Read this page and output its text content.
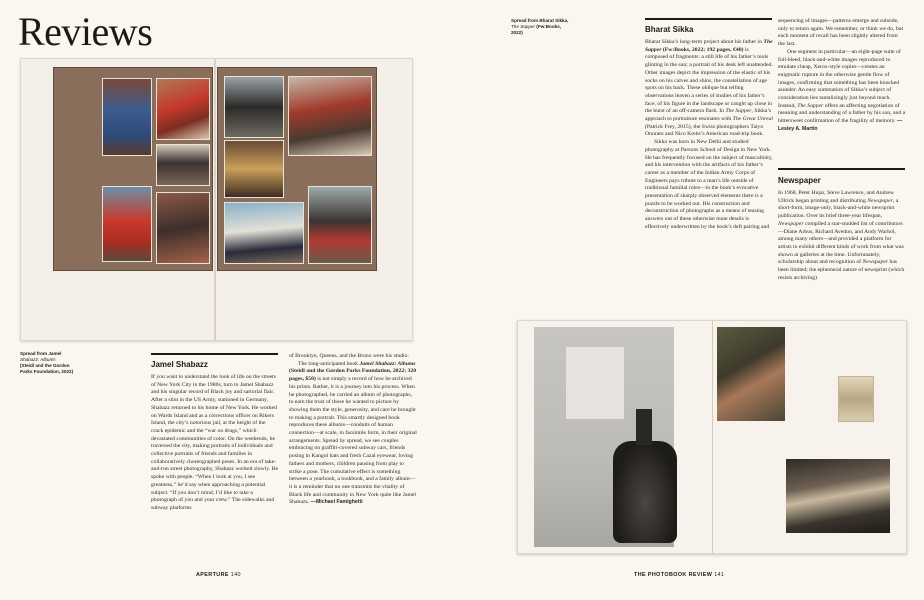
Reviews
Spread from Jamel
Shabazz: Albums
(Steidl and the Gordon
Parks Foundation, 2022)
Jamel Shabazz

If you want to understand the look of life on the streets of New York City in the 1980s, turn to Jamel Shabazz and his singular record of Black joy and sartorial flair. After a stint in the US Army, stationed in Germany, Shabazz returned to his home of New York. He worked on Wards Island and as a corrections officer on Rikers Island, the city’s notorious jail, at the height of the crack epidemic and the “war on drugs,” which devastated communities of color. On the weekends, he traversed the city, making portraits of individuals and collective portraits of friends and families in collaboratively choreographed poses. In an era of take-and-run street photography, Shabazz worked slowly. He spoke with people. “When I look at you, I see greatness,” he’d say when approaching a potential subject. “If you don’t mind, I’d like to take a photograph of you and your crew.” The sidewalks and subway platforms

of Brooklyn, Queens, and the Bronx were his studio.

The long-anticipated book Jamel Shabazz: Albums (Steidl and the Gordon Parks Foundation, 2022; 320 pages, $50) is not simply a record of how he archived his prints. Rather, it is a journey into his process. When he photographed, he carried an album of photographs, to earn the trust of those he wanted to picture by showing them the style, generosity, and care he brought to making a portrait. This smartly designed book reproduces these albums—conduits of human connection—at scale, in facsimile form, in their original arrangements. Spread by spread, we see couples embracing on graffiti-covered subway cars, friends posing in Kangol hats and fresh Cazal eyewear, loving fathers and mothers, children pausing from play to strike a pose. The cumulative effect is something between a yearbook, a lookbook, and a family album—it is a reminder that no one transmits the vitality of Black life and community in New York quite like Jamel Shabazz. —Michael Famighetti

Spread from Bharat Sikka,
The Sapper (Fw:Books,
2022)	Bharat Sikka

Bharat Sikka’s long-term project about his father in The Sapper (Fw:Books, 2022; 192 pages, €40) is composed of fragments: a still life of his father’s tools glinting in the sun; a portrait of his desk left unattended. Other images depict the impression of the elastic of his socks on his calves and shins, the constellation of age spots on his back. These oblique but telling observations leaven a series of studies of his father’s face, of his figure in the landscape or caught up close in the burst of an off-camera flash. In The Sapper, Sikka’s approach to portraiture resonates with The Great Unreal (Patrick Frey, 2015), the Swiss photographers Taiyo Onorato and Nico Krebs’s American road-trip book.

Sikka was born in New Delhi and studied photography at Parsons School of Design in New York. He has frequently focused on the subject of masculinity, and his intervention with the artifacts of his father’s career as a member of the Indian Army Corps of Engineers pays tribute to a man’s life outside of traditional familial roles—in the book’s evocative presentation of sharply observed elements there is a puzzle to be worked out. His construction and deconstruction of photographs as a means of teasing answers out of these otherwise mute details is effectively underwritten by the book’s deft pairing and

sequencing of images—patterns emerge and subside, only to return again. We remember, or think we do, but each moment of recall has been slightly altered from the last.

One segment in particular—an eight-page suite of full-bleed, black-and-white images reproduced to emulate cheap, Xerox-style copies—creates an enigmatic rupture in the otherwise gentle flow of images, confirming that something has been knocked asunder. An easy summation of Sikka’s subject of consideration lies tantalizingly just beyond reach. Instead, The Sapper offers an affecting negotiation of meaning and understanding of a father by his son, and a bittersweet confirmation of the fragility of memory. —Lesley A. Martin

Newspaper

In 1968, Peter Hujar, Steve Lawrence, and Andrew Ullrick began printing and distributing Newspaper, a short-form, image-only, black-and-white newsprint publication. Over its brief three-year lifespan, Newspaper compiled a star-studded list of contributors—Diane Arbus, Richard Avedon, and Andy Warhol, among many others—and provided a platform for artists to exhibit different kinds of work from what was shown at galleries at the time. Unfortunately, scholarship about and recognition of Newspaper has been limited; the ephemeral nature of newsprint (which resists archiving)

APERTURE 140	THE PHOTOBOOK REVIEW 141
